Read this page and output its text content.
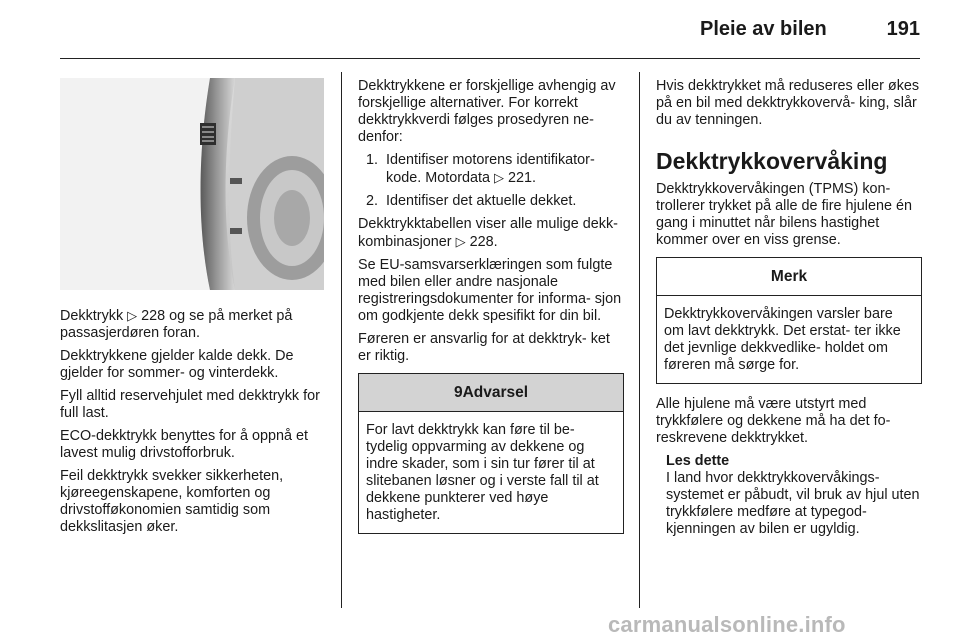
Pleie av bilen	191

Dekktrykk ▷ 228 og se på merket på passasjerdøren foran.

Dekktrykkene gjelder kalde dekk. De gjelder for sommer- og vinterdekk.

Fyll alltid reservehjulet med dekktrykk for full last.

ECO-dekktrykk benyttes for å oppnå et lavest mulig drivstofforbruk.

Feil dekktrykk svekker sikkerheten, kjøreegenskapene, komforten og drivstofføkonomien samtidig som dekkslitasjen øker.

Dekktrykkene er forskjellige avhengig av forskjellige alternativer. For korrekt dekktrykkverdi følges prosedyren ne- denfor:

1. Identifiser motorens identifikator- kode. Motordata ▷ 221.
2. Identifiser det aktuelle dekket.

Dekktrykktabellen viser alle mulige dekk-kombinasjoner ▷ 228.

Se EU-samsvarserklæringen som fulgte med bilen eller andre nasjonale registreringsdokumenter for informa- sjon om godkjente dekk spesifikt for din bil.

Føreren er ansvarlig for at dekktryk- ket er riktig.

9Advarsel

For lavt dekktrykk kan føre til be- tydelig oppvarming av dekkene og indre skader, som i sin tur fører til at slitebanen løsner og i verste fall til at dekkene punkterer ved høye hastigheter.

Hvis dekktrykket må reduseres eller økes på en bil med dekktrykkovervå- king, slår du av tenningen.

Dekktrykkovervåking

Dekktrykkovervåkingen (TPMS) kon- trollerer trykket på alle de fire hjulene én gang i minuttet når bilens hastighet kommer over en viss grense.

Merk

Dekktrykkovervåkingen varsler bare om lavt dekktrykk. Det erstat- ter ikke det jevnlige dekkvedlike- holdet om føreren må sørge for.

Alle hjulene må være utstyrt med trykkfølere og dekkene må ha det fo- reskrevene dekktrykket.

Les dette
I land hvor dekktrykkovervåkings- systemet er påbudt, vil bruk av hjul uten trykkfølere medføre at typegod- kjenningen av bilen er ugyldig.
carmanualsonline.info
